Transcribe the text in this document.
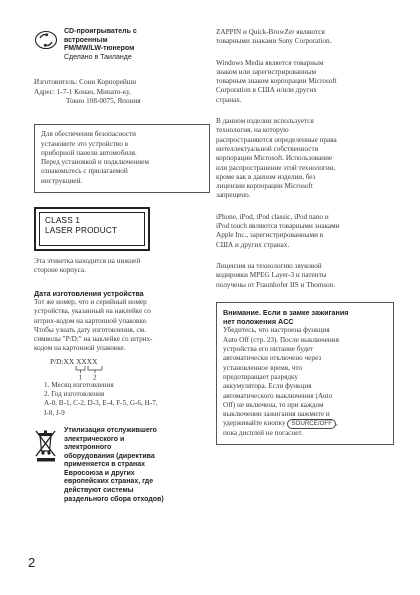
CD-проигрыватель с
встроенным
FM/MW/LW-тюнером
Сделано в Таиланде

Изготовитель: Сони Корпорейшн

Адрес: 1-7-1 Конан, Минато-ку,

Токио 108-0075, Япония

Для обеспечения безопасности

установите это устройство в

приборной панели автомобиля.

Перед установкой и подключением

ознакомьтесь с прилагаемой

инструкцией.

CLASS 1
LASER PRODUCT

Эта этикетка находится на нижней

стороне корпуса.

Дата изготовления устройства

Тот же номер, что и серийный номер

устройства, указанный на наклейке со

штрих-кодом на картонной упаковке.

Чтобы узнать дату изготовления, см.

символы "P/D:" на наклейке со штрих-

кодом на картонной упаковке.

P/D:XX XXXX
1 2

1. Месяц изготовления

2. Год изготовления

A-0, B-1, C-2, D-3, E-4, F-5, G-6, H-7,

I-8, J-9

Утилизация отслужившего
электрического и
электронного
оборудования (директива
применяется в странах
Евросоюза и других
европейских странах, где
действуют системы
раздельного сбора отходов)

ZAPPIN и Quick-BrowZer являются

товарными знаками Sony Corporation.

Windows Media является товарным

знаком или зарегистрированным

товарным знаком корпорации Microsoft

Corporation в США и/или других

странах.

В данном изделии используется

технология, на которую

распространяются определенные права

интеллектуальной собственности

корпорации Microsoft. Использование

или распространение этой технологии,

кроме как в данном изделии, без

лицензии корпорации Microsoft

запрещено.

iPhone, iPod, iPod classic, iPod nano и

iPod touch являются товарными знаками

Apple Inc., зарегистрированными в

США и других странах.

Лицензия на технологию звуковой

кодировки MPEG Layer-3 и патенты

получены от Fraunhofer IIS и Thomson.

Внимание. Если в замке зажигания
нет положения ACC

Убедитесь, что настроена функция

Auto Off (стр. 23). После выключения

устройства его питание будет

автоматически отключено через

установленное время, что

предотвращает разрядку

аккумулятора. Если функция

автоматического выключения (Auto

Off) не включена, то при каждом

выключении зажигания нажмите и

удерживайте кнопку SOURCE/OFF ,

пока дисплей не погаснет.

2
